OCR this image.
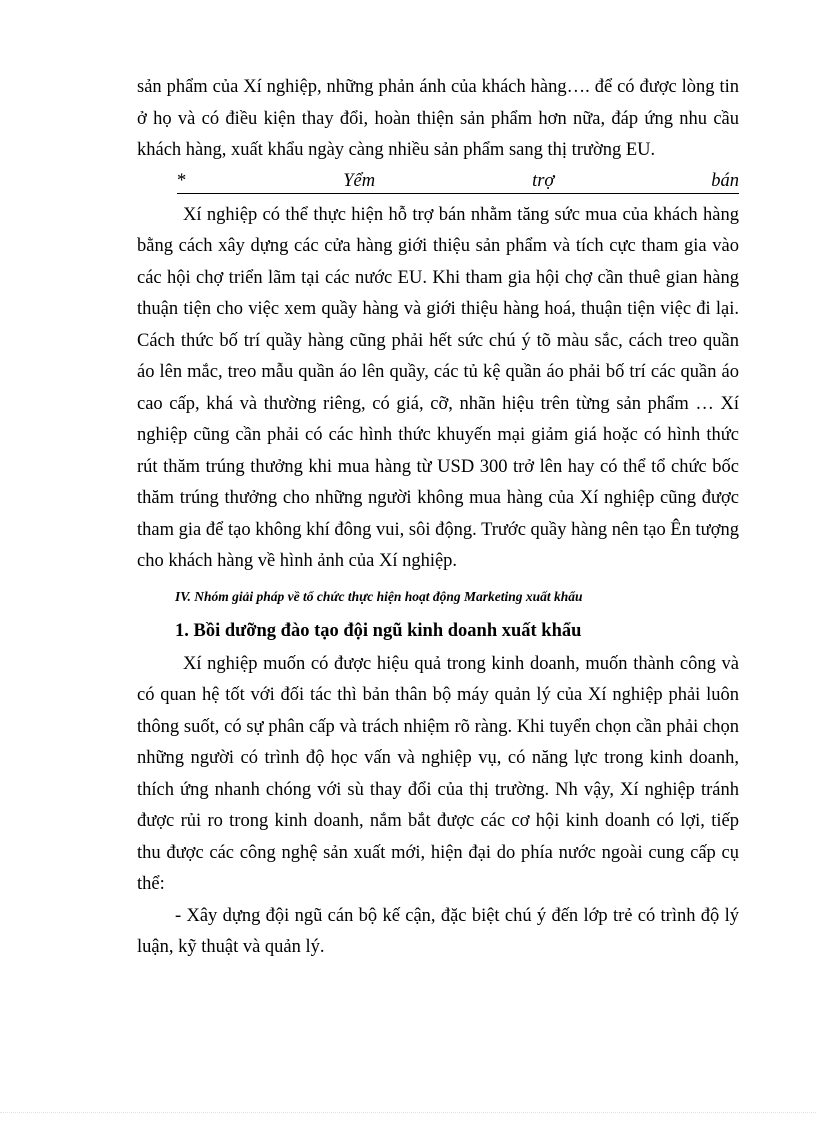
sản phẩm của Xí nghiệp, những phản ánh của khách hàng…. để có được lòng tin ở họ và có điều kiện thay đổi, hoàn thiện sản phẩm hơn nữa, đáp ứng nhu cầu khách hàng, xuất khẩu ngày càng nhiều sản phẩm sang thị trường EU.

*	Yểm	trợ	bán

Xí nghiệp có thể thực hiện hỗ trợ bán nhằm tăng sức mua của khách hàng bằng cách xây dựng các cửa hàng giới thiệu sản phẩm và tích cực tham gia vào các hội chợ triển lãm tại các nước EU. Khi tham gia hội chợ cần thuê gian hàng thuận tiện cho việc xem quầy hàng và giới thiệu hàng hoá, thuận tiện việc đi lại. Cách thức bố trí quầy hàng cũng phải hết sức chú ý tõ màu sắc, cách treo quần áo lên mắc, treo mẫu quần áo lên quầy, các tủ kệ quần áo phải bố trí các quần áo cao cấp, khá và thường riêng, có giá, cỡ, nhãn hiệu trên từng sản phẩm … Xí nghiệp cũng cần phải có các hình thức khuyến mại giảm giá hoặc có hình thức rút thăm trúng thưởng khi mua hàng từ USD 300 trở lên hay có thể tổ chức bốc thăm trúng thưởng cho những người không mua hàng của Xí nghiệp cũng được tham gia để tạo không khí đông vui, sôi động. Trước quầy hàng nên tạo Ên tượng cho khách hàng về hình ảnh của Xí nghiệp.

IV. Nhóm giải pháp về tổ chức thực hiện hoạt động Marketing xuất khẩu
1. Bồi dưỡng đào tạo đội ngũ kinh doanh xuất khẩu

Xí nghiệp muốn có được hiệu quả trong kinh doanh, muốn thành công và có quan hệ tốt với đối tác thì bản thân bộ máy quản lý của Xí nghiệp phải luôn thông suốt, có sự phân cấp và trách nhiệm rõ ràng. Khi tuyển chọn cần phải chọn những người có trình độ học vấn và nghiệp vụ, có năng lực trong kinh doanh, thích ứng nhanh chóng với sù thay đổi của thị trường. Nh vậy, Xí nghiệp tránh được rủi ro trong kinh doanh, nắm bắt được các cơ hội kinh doanh có lợi, tiếp thu được các công nghệ sản xuất mới, hiện đại do phía nước ngoài cung cấp cụ thể:

- Xây dựng đội ngũ cán bộ kế cận, đặc biệt chú ý đến lớp trẻ có trình độ lý luận, kỹ thuật và quản lý.
